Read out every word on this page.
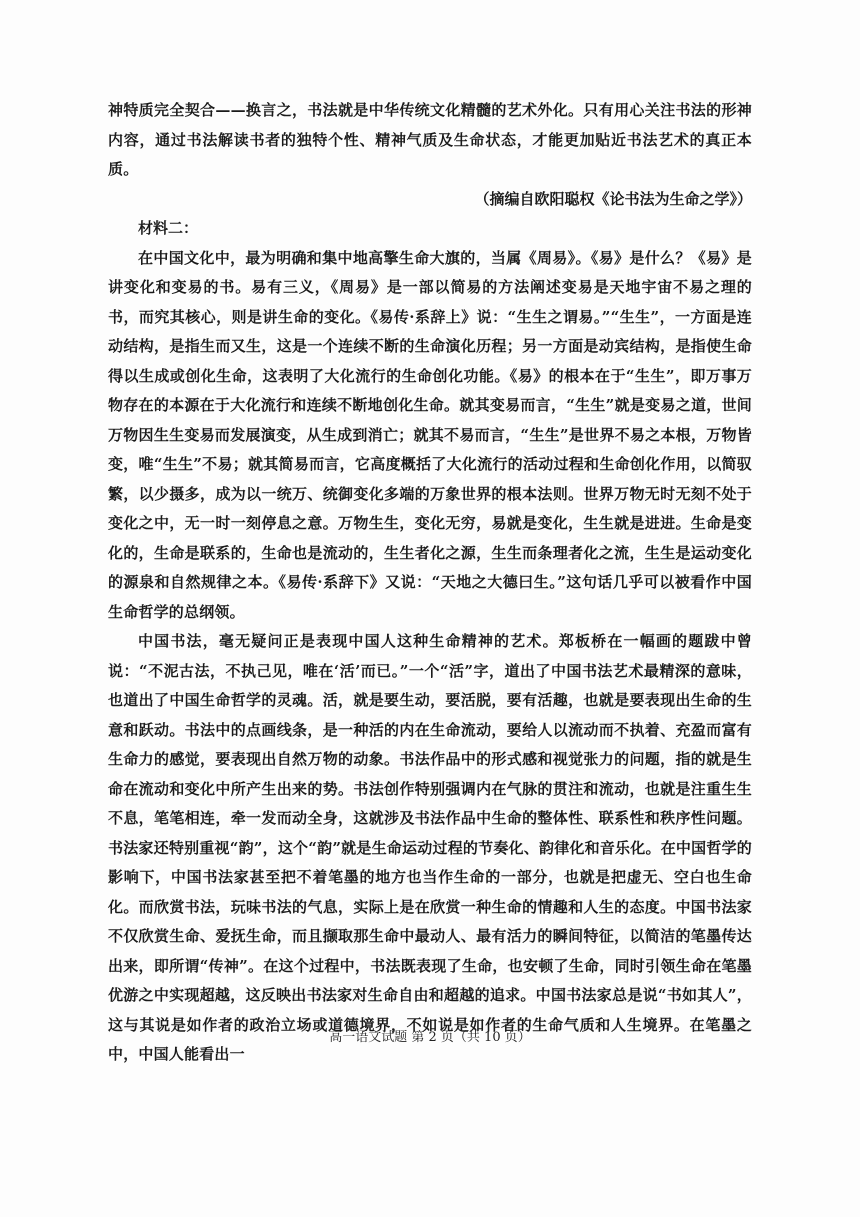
神特质完全契合——换言之，书法就是中华传统文化精髓的艺术外化。只有用心关注书法的形神内容，通过书法解读书者的独特个性、精神气质及生命状态，才能更加贴近书法艺术的真正本质。

（摘编自欧阳聪权《论书法为生命之学》）

材料二：

在中国文化中，最为明确和集中地高擎生命大旗的，当属《周易》。《易》是什么？《易》是讲变化和变易的书。易有三义，《周易》是一部以简易的方法阐述变易是天地宇宙不易之理的书，而究其核心，则是讲生命的变化。《易传·系辞上》说：“生生之谓易。”“生生”，一方面是连动结构，是指生而又生，这是一个连续不断的生命演化历程；另一方面是动宾结构，是指使生命得以生成或创化生命，这表明了大化流行的生命创化功能。《易》的根本在于“生生”，即万事万物存在的本源在于大化流行和连续不断地创化生命。就其变易而言，“生生”就是变易之道，世间万物因生生变易而发展演变，从生成到消亡；就其不易而言，“生生”是世界不易之本根，万物皆变，唯“生生”不易；就其简易而言，它高度概括了大化流行的活动过程和生命创化作用，以简驭繁，以少摄多，成为以一统万、统御变化多端的万象世界的根本法则。世界万物无时无刻不处于变化之中，无一时一刻停息之意。万物生生，变化无穷，易就是变化，生生就是进进。生命是变化的，生命是联系的，生命也是流动的，生生者化之源，生生而条理者化之流，生生是运动变化的源泉和自然规律之本。《易传·系辞下》又说：“天地之大德曰生。”这句话几乎可以被看作中国生命哲学的总纲领。

中国书法，毫无疑问正是表现中国人这种生命精神的艺术。郑板桥在一幅画的题跋中曾说：“不泥古法，不执己见，唯在‘活’而已。”一个“活”字，道出了中国书法艺术最精深的意味，也道出了中国生命哲学的灵魂。活，就是要生动，要活脱，要有活趣，也就是要表现出生命的生意和跃动。书法中的点画线条，是一种活的内在生命流动，要给人以流动而不执着、充盈而富有生命力的感觉，要表现出自然万物的动象。书法作品中的形式感和视觉张力的问题，指的就是生命在流动和变化中所产生出来的势。书法创作特别强调内在气脉的贯注和流动，也就是注重生生不息，笔笔相连，牵一发而动全身，这就涉及书法作品中生命的整体性、联系性和秩序性问题。书法家还特别重视“韵”，这个“韵”就是生命运动过程的节奏化、韵律化和音乐化。在中国哲学的影响下，中国书法家甚至把不着笔墨的地方也当作生命的一部分，也就是把虚无、空白也生命化。而欣赏书法，玩味书法的气息，实际上是在欣赏一种生命的情趣和人生的态度。中国书法家不仅欣赏生命、爱抚生命，而且撷取那生命中最动人、最有活力的瞬间特征，以简洁的笔墨传达出来，即所谓“传神”。在这个过程中，书法既表现了生命，也安顿了生命，同时引领生命在笔墨优游之中实现超越，这反映出书法家对生命自由和超越的追求。中国书法家总是说“书如其人”，这与其说是如作者的政治立场或道德境界，不如说是如作者的生命气质和人生境界。在笔墨之中，中国人能看出一

高一语文试题 第 2 页（共 10 页）
